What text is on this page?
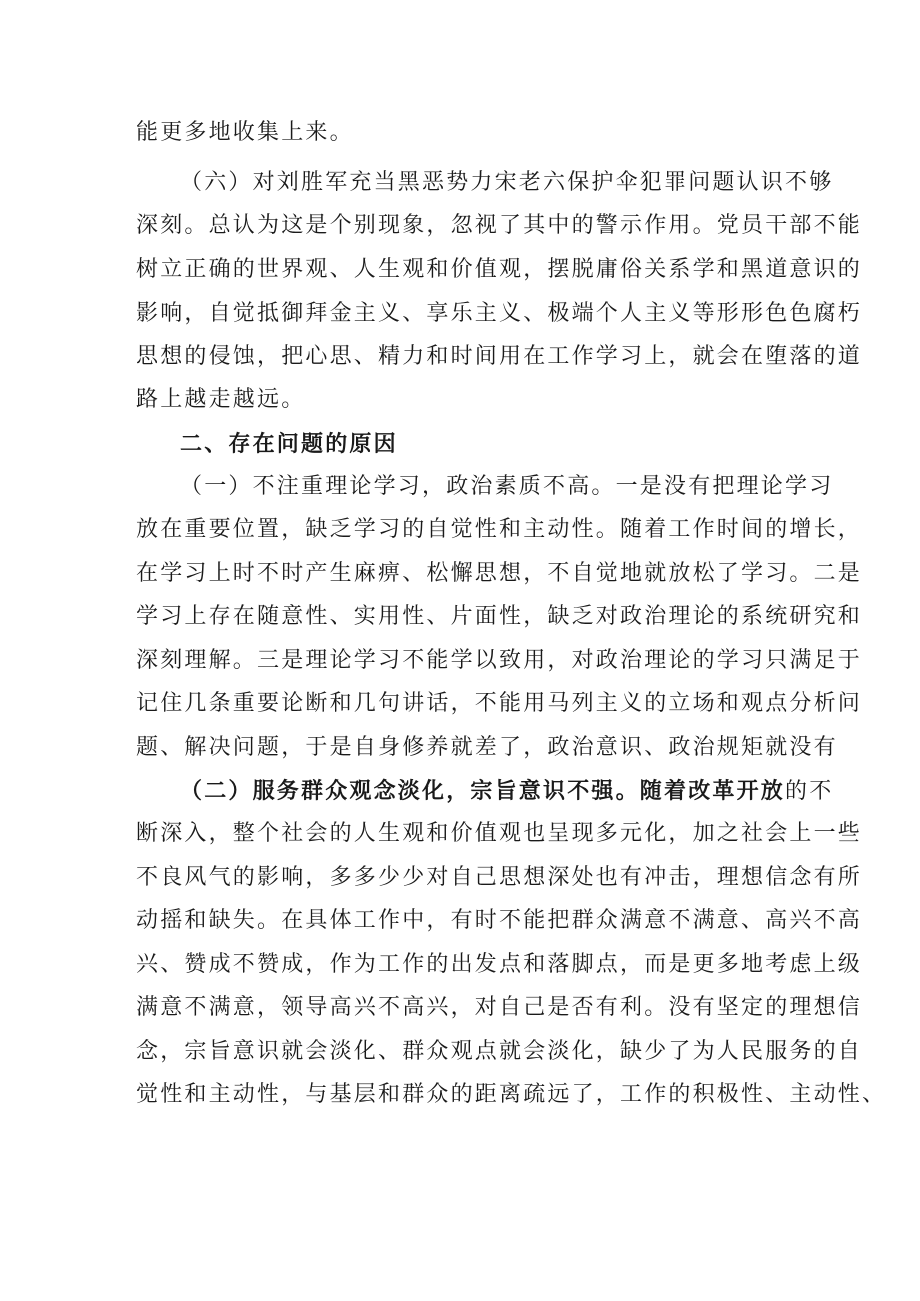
能更多地收集上来。
（六）对刘胜军充当黑恶势力宋老六保护伞犯罪问题认识不够
深刻。总认为这是个别现象，忽视了其中的警示作用。党员干部不能
树立正确的世界观、人生观和价值观，摆脱庸俗关系学和黑道意识的
影响，自觉抵御拜金主义、享乐主义、极端个人主义等形形色色腐朽
思想的侵蚀，把心思、精力和时间用在工作学习上，就会在堕落的道
路上越走越远。
二、存在问题的原因
（一）不注重理论学习，政治素质不高。一是没有把理论学习
放在重要位置，缺乏学习的自觉性和主动性。随着工作时间的增长，
在学习上时不时产生麻痹、松懈思想，不自觉地就放松了学习。二是
学习上存在随意性、实用性、片面性，缺乏对政治理论的系统研究和
深刻理解。三是理论学习不能学以致用，对政治理论的学习只满足于
记住几条重要论断和几句讲话，不能用马列主义的立场和观点分析问
题、解决问题，于是自身修养就差了，政治意识、政治规矩就没有
（二）服务群众观念淡化，宗旨意识不强。随着改革开放的不
断深入，整个社会的人生观和价值观也呈现多元化，加之社会上一些
不良风气的影响，多多少少对自己思想深处也有冲击，理想信念有所
动摇和缺失。在具体工作中，有时不能把群众满意不满意、高兴不高
兴、赞成不赞成，作为工作的出发点和落脚点，而是更多地考虑上级
满意不满意，领导高兴不高兴，对自己是否有利。没有坚定的理想信
念，宗旨意识就会淡化、群众观点就会淡化，缺少了为人民服务的自
觉性和主动性，与基层和群众的距离疏远了，工作的积极性、主动性、
